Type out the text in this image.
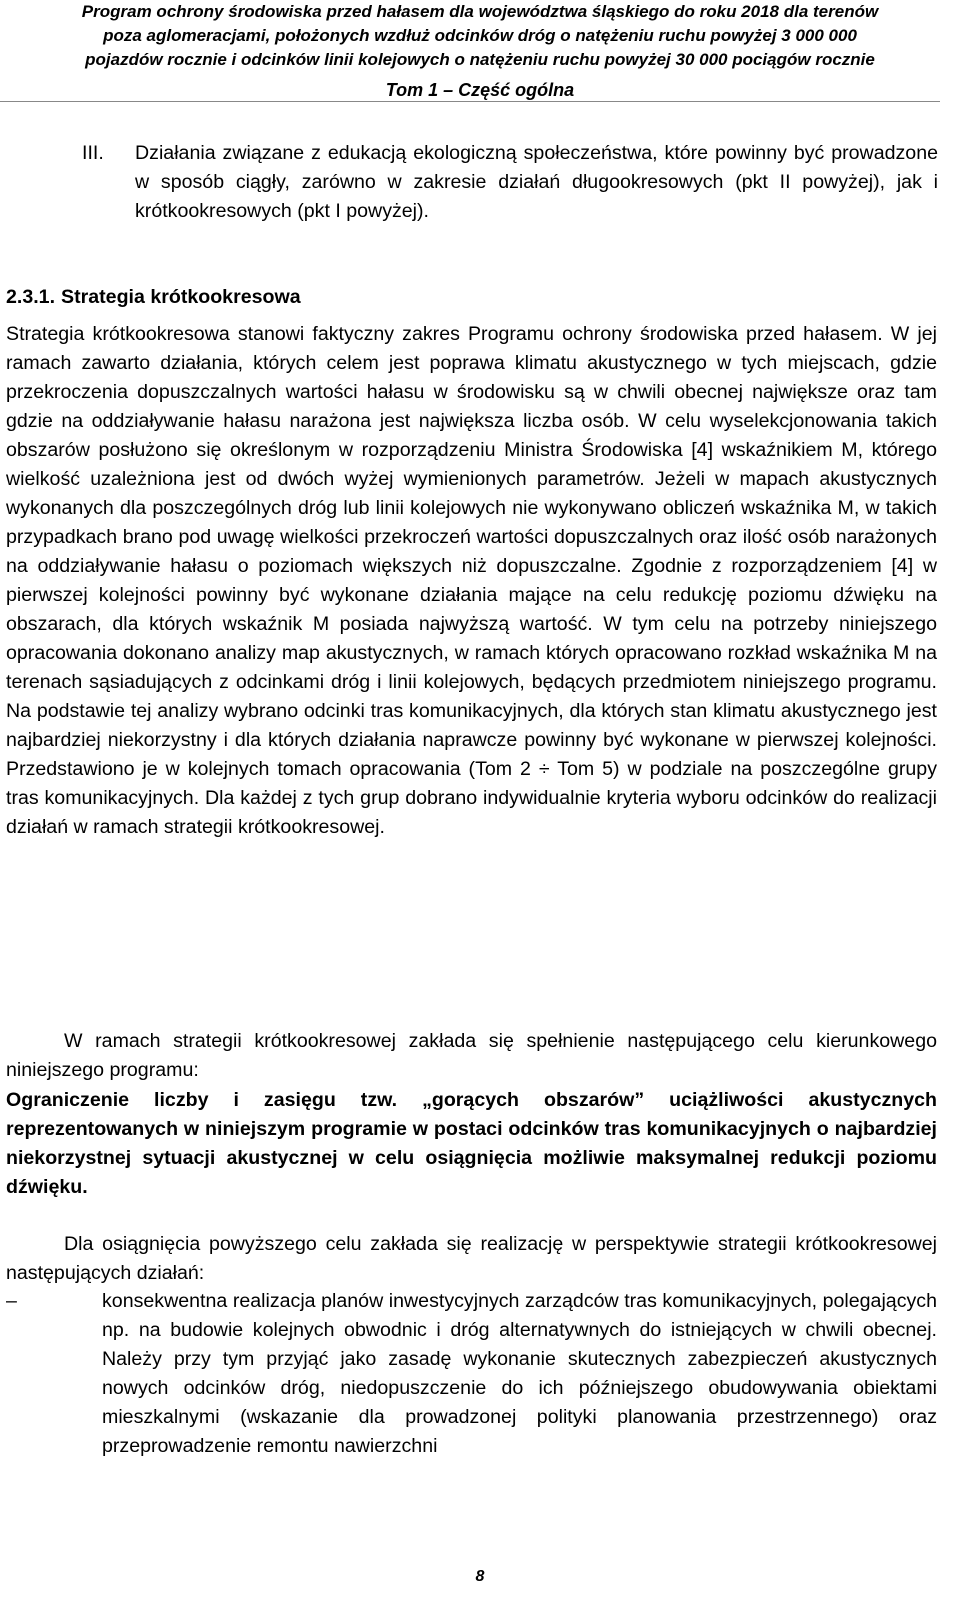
Program ochrony środowiska przed hałasem dla województwa śląskiego do roku 2018 dla terenów
poza aglomeracjami, położonych wzdłuż odcinków dróg o natężeniu ruchu powyżej 3 000 000
pojazdów rocznie i odcinków linii kolejowych o natężeniu ruchu powyżej 30 000 pociągów rocznie
Tom 1 – Część ogólna
III. Działania związane z edukacją ekologiczną społeczeństwa, które powinny być prowadzone w sposób ciągły, zarówno w zakresie działań długookresowych (pkt II powyżej), jak i krótkookresowych (pkt I powyżej).
2.3.1. Strategia krótkookresowa
Strategia krótkookresowa stanowi faktyczny zakres Programu ochrony środowiska przed hałasem. W jej ramach zawarto działania, których celem jest poprawa klimatu akustycznego w tych miejscach, gdzie przekroczenia dopuszczalnych wartości hałasu w środowisku są w chwili obecnej największe oraz tam gdzie na oddziaływanie hałasu narażona jest największa liczba osób. W celu wyselekcjonowania takich obszarów posłużono się określonym w rozporządzeniu Ministra Środowiska [4] wskaźnikiem M, którego wielkość uzależniona jest od dwóch wyżej wymienionych parametrów. Jeżeli w mapach akustycznych wykonanych dla poszczególnych dróg lub linii kolejowych nie wykonywano obliczeń wskaźnika M, w takich przypadkach brano pod uwagę wielkości przekroczeń wartości dopuszczalnych oraz ilość osób narażonych na oddziaływanie hałasu o poziomach większych niż dopuszczalne. Zgodnie z rozporządzeniem [4] w pierwszej kolejności powinny być wykonane działania mające na celu redukcję poziomu dźwięku na obszarach, dla których wskaźnik M posiada najwyższą wartość. W tym celu na potrzeby niniejszego opracowania dokonano analizy map akustycznych, w ramach których opracowano rozkład wskaźnika M na terenach sąsiadujących z odcinkami dróg i linii kolejowych, będących przedmiotem niniejszego programu. Na podstawie tej analizy wybrano odcinki tras komunikacyjnych, dla których stan klimatu akustycznego jest najbardziej niekorzystny i dla których działania naprawcze powinny być wykonane w pierwszej kolejności. Przedstawiono je w kolejnych tomach opracowania (Tom 2 ÷ Tom 5) w podziale na poszczególne grupy tras komunikacyjnych. Dla każdej z tych grup dobrano indywidualnie kryteria wyboru odcinków do realizacji działań w ramach strategii krótkookresowej.
W ramach strategii krótkookresowej zakłada się spełnienie następującego celu kierunkowego niniejszego programu:
Ograniczenie liczby i zasięgu tzw. „gorących obszarów” uciążliwości akustycznych reprezentowanych w niniejszym programie w postaci odcinków tras komunikacyjnych o najbardziej niekorzystnej sytuacji akustycznej w celu osiągnięcia możliwie maksymalnej redukcji poziomu dźwięku.
Dla osiągnięcia powyższego celu zakłada się realizację w perspektywie strategii krótkookresowej następujących działań:
–	konsekwentna realizacja planów inwestycyjnych zarządców tras komunikacyjnych, polegających np. na budowie kolejnych obwodnic i dróg alternatywnych do istniejących w chwili obecnej. Należy przy tym przyjąć jako zasadę wykonanie skutecznych zabezpieczeń akustycznych nowych odcinków dróg, niedopuszczenie do ich późniejszego obudowywania obiektami mieszkalnymi (wskazanie dla prowadzonej polityki planowania przestrzennego) oraz przeprowadzenie remontu nawierzchni
8
